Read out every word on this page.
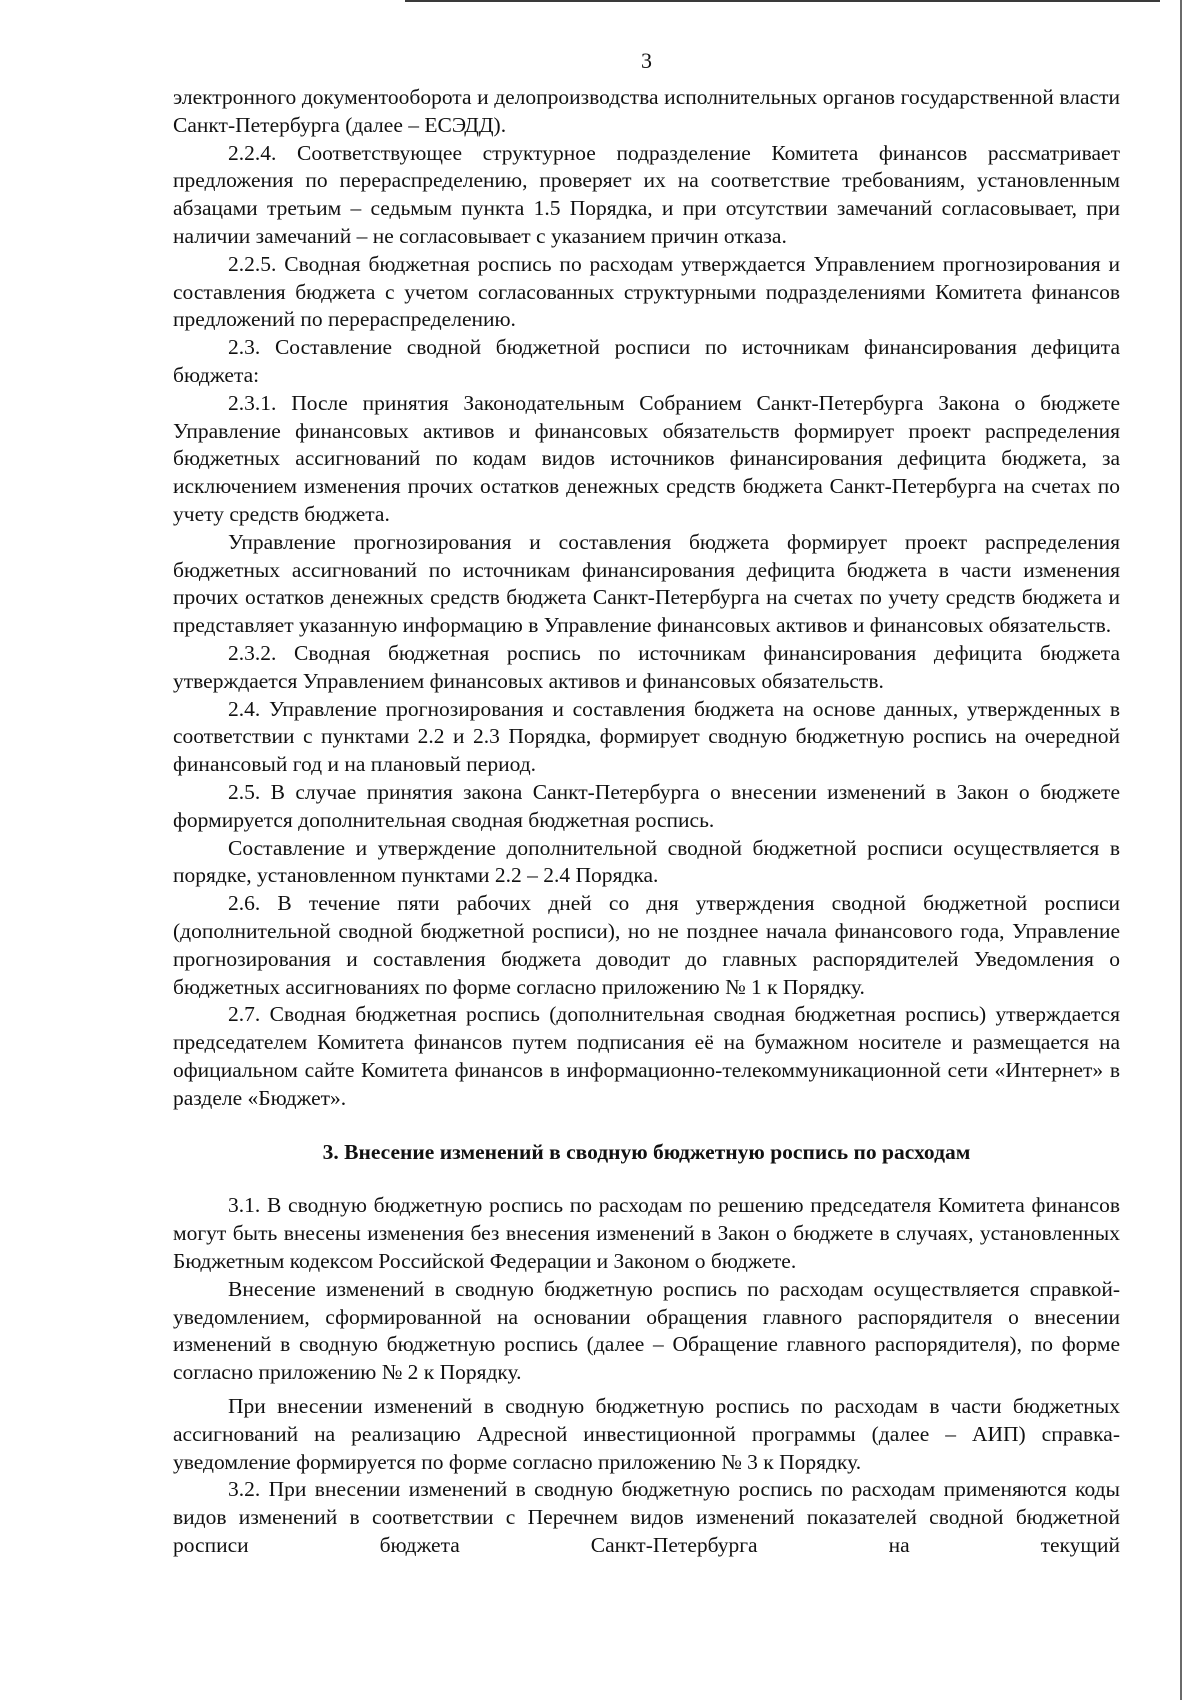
3

электронного документооборота и делопроизводства исполнительных органов государственной власти Санкт-Петербурга (далее – ЕСЭДД).

2.2.4. Соответствующее структурное подразделение Комитета финансов рассматривает предложения по перераспределению, проверяет их на соответствие требованиям, установленным абзацами третьим – седьмым пункта 1.5 Порядка, и при отсутствии замечаний согласовывает, при наличии замечаний – не согласовывает с указанием причин отказа.

2.2.5. Сводная бюджетная роспись по расходам утверждается Управлением прогнозирования и составления бюджета с учетом согласованных структурными подразделениями Комитета финансов предложений по перераспределению.

2.3. Составление сводной бюджетной росписи по источникам финансирования дефицита бюджета:

2.3.1. После принятия Законодательным Собранием Санкт-Петербурга Закона о бюджете Управление финансовых активов и финансовых обязательств формирует проект распределения бюджетных ассигнований по кодам видов источников финансирования дефицита бюджета, за исключением изменения прочих остатков денежных средств бюджета Санкт-Петербурга на счетах по учету средств бюджета.

Управление прогнозирования и составления бюджета формирует проект распределения бюджетных ассигнований по источникам финансирования дефицита бюджета в части изменения прочих остатков денежных средств бюджета Санкт-Петербурга на счетах по учету средств бюджета и представляет указанную информацию в Управление финансовых активов и финансовых обязательств.

2.3.2. Сводная бюджетная роспись по источникам финансирования дефицита бюджета утверждается Управлением финансовых активов и финансовых обязательств.

2.4. Управление прогнозирования и составления бюджета на основе данных, утвержденных в соответствии с пунктами 2.2 и 2.3 Порядка, формирует сводную бюджетную роспись на очередной финансовый год и на плановый период.

2.5. В случае принятия закона Санкт-Петербурга о внесении изменений в Закон о бюджете формируется дополнительная сводная бюджетная роспись.

Составление и утверждение дополнительной сводной бюджетной росписи осуществляется в порядке, установленном пунктами 2.2 – 2.4 Порядка.

2.6. В течение пяти рабочих дней со дня утверждения сводной бюджетной росписи (дополнительной сводной бюджетной росписи), но не позднее начала финансового года, Управление прогнозирования и составления бюджета доводит до главных распорядителей Уведомления о бюджетных ассигнованиях по форме согласно приложению № 1 к Порядку.

2.7. Сводная бюджетная роспись (дополнительная сводная бюджетная роспись) утверждается председателем Комитета финансов путем подписания её на бумажном носителе и размещается на официальном сайте Комитета финансов в информационно-телекоммуникационной сети «Интернет» в разделе «Бюджет».

3. Внесение изменений в сводную бюджетную роспись по расходам

3.1. В сводную бюджетную роспись по расходам по решению председателя Комитета финансов могут быть внесены изменения без внесения изменений в Закон о бюджете в случаях, установленных Бюджетным кодексом Российской Федерации и Законом о бюджете.

Внесение изменений в сводную бюджетную роспись по расходам осуществляется справкой-уведомлением, сформированной на основании обращения главного распорядителя о внесении изменений в сводную бюджетную роспись (далее – Обращение главного распорядителя), по форме согласно приложению № 2 к Порядку.

При внесении изменений в сводную бюджетную роспись по расходам в части бюджетных ассигнований на реализацию Адресной инвестиционной программы (далее – АИП) справка-уведомление формируется по форме согласно приложению № 3 к Порядку.

3.2. При внесении изменений в сводную бюджетную роспись по расходам применяются коды видов изменений в соответствии с Перечнем видов изменений показателей сводной бюджетной росписи бюджета Санкт-Петербурга на текущий
